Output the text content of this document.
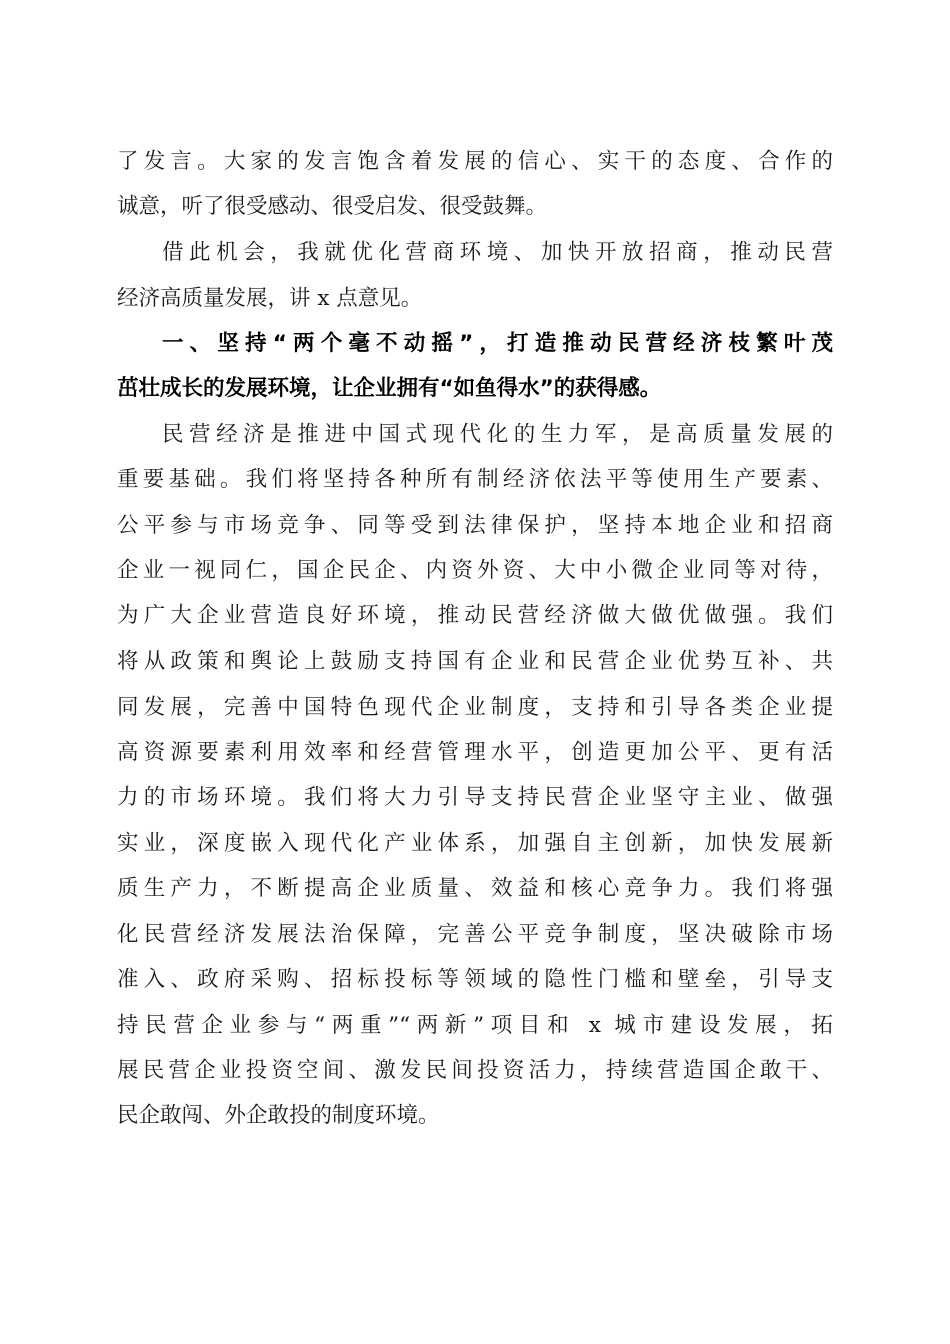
了发言。大家的发言饱含着发展的信心、实干的态度、合作的
诚意，听了很受感动、很受启发、很受鼓舞。
借此机会，我就优化营商环境、加快开放招商，推动民营
经济高质量发展，讲 x 点意见。
一、坚持“两个毫不动摇”，打造推动民营经济枝繁叶茂
茁壮成长的发展环境，让企业拥有“如鱼得水”的获得感。
民营经济是推进中国式现代化的生力军，是高质量发展的
重要基础。我们将坚持各种所有制经济依法平等使用生产要素、
公平参与市场竞争、同等受到法律保护，坚持本地企业和招商
企业一视同仁，国企民企、内资外资、大中小微企业同等对待，
为广大企业营造良好环境，推动民营经济做大做优做强。我们
将从政策和舆论上鼓励支持国有企业和民营企业优势互补、共
同发展，完善中国特色现代企业制度，支持和引导各类企业提
高资源要素利用效率和经营管理水平，创造更加公平、更有活
力的市场环境。我们将大力引导支持民营企业坚守主业、做强
实业，深度嵌入现代化产业体系，加强自主创新，加快发展新
质生产力，不断提高企业质量、效益和核心竞争力。我们将强
化民营经济发展法治保障，完善公平竞争制度，坚决破除市场
准入、政府采购、招标投标等领域的隐性门槛和壁垒，引导支
持民营企业参与“两重”“两新”项目和 x 城市建设发展，拓
展民营企业投资空间、激发民间投资活力，持续营造国企敢干、
民企敢闯、外企敢投的制度环境。
